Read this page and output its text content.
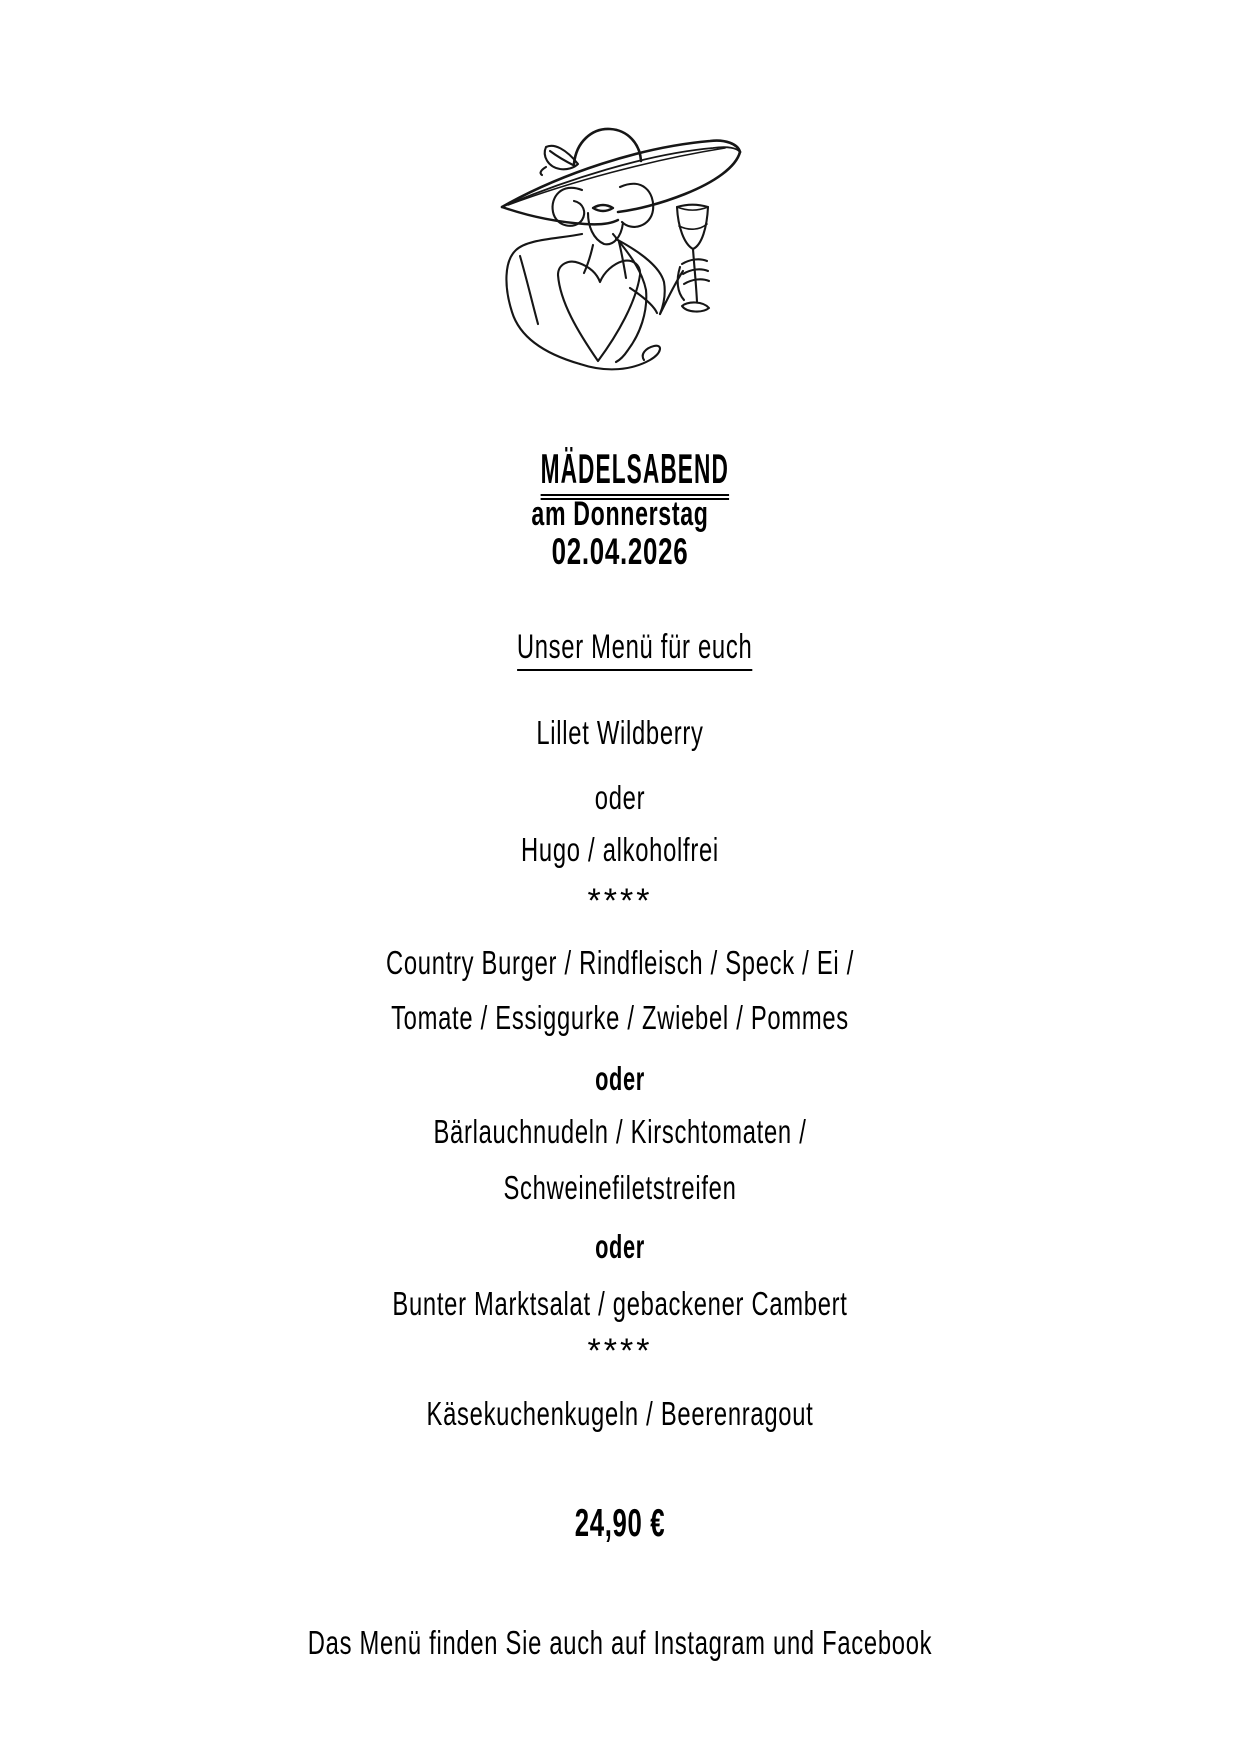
MÄDELSABEND

am Donnerstag
02.04.2026

Unser Menü für euch

Lillet Wildberry
oder
Hugo / alkoholfrei
****
Country Burger / Rindfleisch / Speck / Ei /
Tomate / Essiggurke / Zwiebel / Pommes
oder
Bärlauchnudeln / Kirschtomaten /
Schweinefiletstreifen
oder
Bunter Marktsalat / gebackener Cambert
****
Käsekuchenkugeln / Beerenragout
24,90 €
Das Menü finden Sie auch auf Instagram und Facebook
